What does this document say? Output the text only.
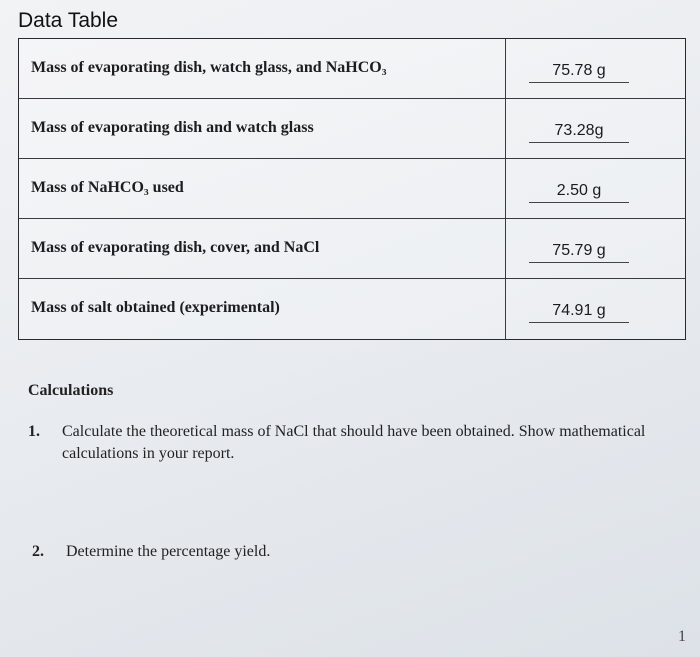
Data Table
Mass of evaporating dish, watch glass, and NaHCO₃	75.78 g
Mass of evaporating dish and watch glass	73.28g
Mass of NaHCO₃ used	2.50 g
Mass of evaporating dish, cover, and NaCl	75.79 g
Mass of salt obtained (experimental)	74.91 g
Calculations
1. Calculate the theoretical mass of NaCl that should have been obtained. Show mathematical
calculations in your report.
2. Determine the percentage yield.
1
